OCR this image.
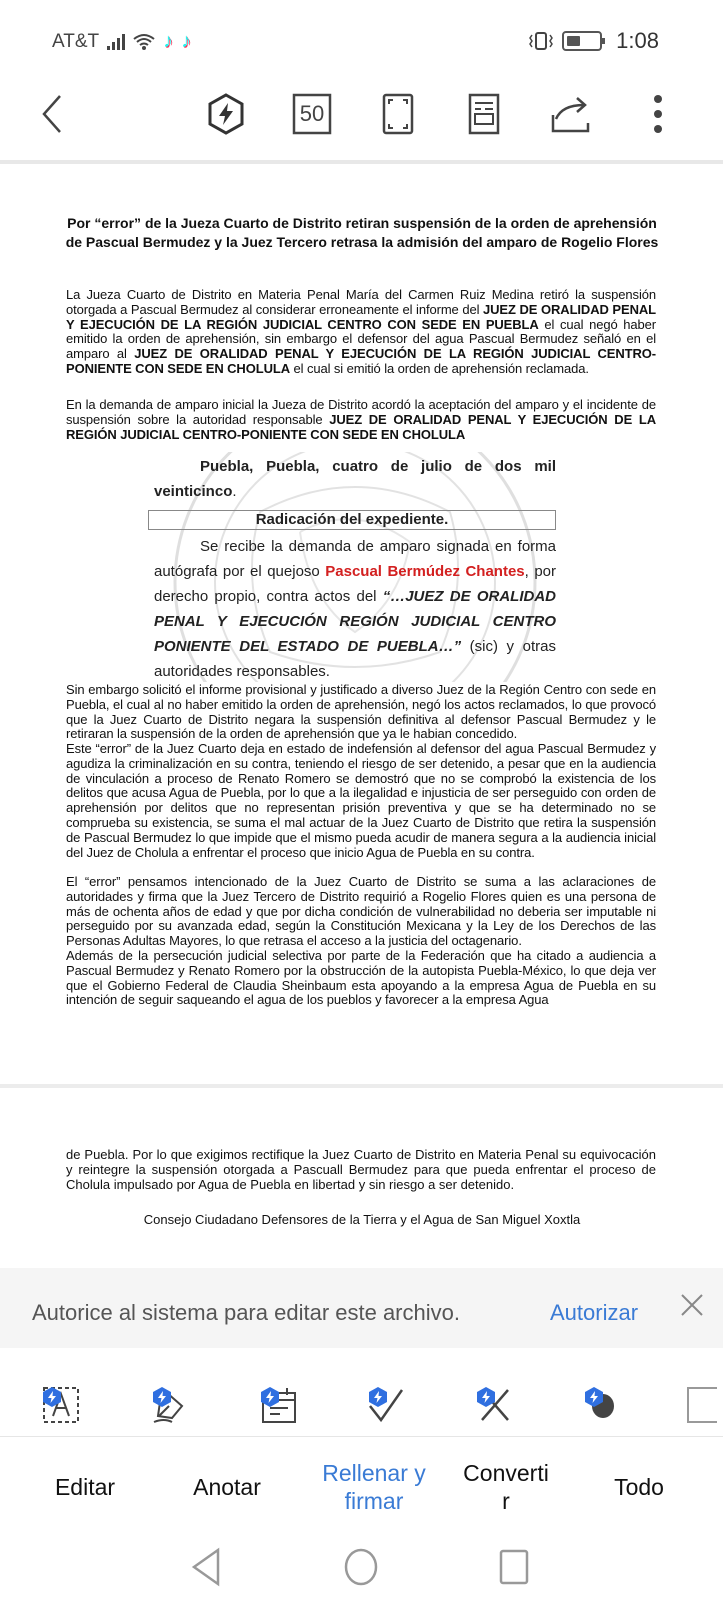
AT&T	♪ ♪	1:08
50
Por “error” de la Jueza Cuarto de Distrito retiran suspensión de la orden de aprehensión de Pascual Bermudez y la Juez Tercero retrasa la admisión del amparo de Rogelio Flores
La Jueza Cuarto de Distrito en Materia Penal María del Carmen Ruiz Medina retiró la suspensión otorgada a Pascual Bermudez al considerar erroneamente el informe del JUEZ DE ORALIDAD PENAL Y EJECUCIÓN DE LA REGIÓN JUDICIAL CENTRO CON SEDE EN PUEBLA el cual negó haber emitido la orden de aprehensión, sin embargo el defensor del agua Pascual Bermudez señaló en el amparo al JUEZ DE ORALIDAD PENAL Y EJECUCIÓN DE LA REGIÓN JUDICIAL CENTRO-PONIENTE CON SEDE EN CHOLULA el cual si emitió la orden de aprehensión reclamada.
En la demanda de amparo inicial la Jueza de Distrito acordó la aceptación del amparo y el incidente de suspensión sobre la autoridad responsable JUEZ DE ORALIDAD PENAL Y EJECUCIÓN DE LA REGIÓN JUDICIAL CENTRO-PONIENTE CON SEDE EN CHOLULA
Puebla, Puebla, cuatro de julio de dos mil veinticinco.
Radicación del expediente.
Se recibe la demanda de amparo signada en forma autógrafa por el quejoso Pascual Bermúdez Chantes, por derecho propio, contra actos del “…JUEZ DE ORALIDAD PENAL Y EJECUCIÓN REGIÓN JUDICIAL CENTRO PONIENTE DEL ESTADO DE PUEBLA…” (sic) y otras autoridades responsables.
Sin embargo solicitó el informe provisional y justificado a diverso Juez de la Región Centro con sede en Puebla, el cual al no haber emitido la orden de aprehensión, negó los actos reclamados, lo que provocó que la Juez Cuarto de Distrito negara la suspensión definitiva al defensor Pascual Bermudez y le retiraran la suspensión de la orden de aprehensión que ya le habian concedido.
Este “error” de la Juez Cuarto deja en estado de indefensión al defensor del agua Pascual Bermudez y agudiza la criminalización en su contra, teniendo el riesgo de ser detenido, a pesar que en la audiencia de vinculación a proceso de Renato Romero se demostró que no se comprobó la existencia de los delitos que acusa Agua de Puebla, por lo que a la ilegalidad e injusticia de ser perseguido con orden de aprehensión por delitos que no representan prisión preventiva y que se ha determinado no se comprueba su existencia, se suma el mal actuar de la Juez Cuarto de Distrito que retira la suspensión de Pascual Bermudez lo que impide que el mismo pueda acudir de manera segura a la audiencia inicial del Juez de Cholula a enfrentar el proceso que inicio Agua de Puebla en su contra.
El “error” pensamos intencionado de la Juez Cuarto de Distrito se suma a las aclaraciones de autoridades y firma que la Juez Tercero de Distrito requirió a Rogelio Flores quien es una persona de más de ochenta años de edad y que por dicha condición de vulnerabilidad no deberia ser imputable ni perseguido por su avanzada edad, según la Constitución Mexicana y la Ley de los Derechos de las Personas Adultas Mayores, lo que retrasa el acceso a la justicia del octagenario.
Además de la persecución judicial selectiva por parte de la Federación que ha citado a audiencia a Pascual Bermudez y Renato Romero por la obstrucción de la autopista Puebla-México, lo que deja ver que el Gobierno Federal de Claudia Sheinbaum esta apoyando a la empresa Agua de Puebla en su intención de seguir saqueando el agua de los pueblos y favorecer a la empresa Agua
de Puebla. Por lo que exigimos rectifique la Juez Cuarto de Distrito en Materia Penal su equivocación y reintegre la suspensión otorgada a Pascuall Bermudez para que pueda enfrentar el proceso de Cholula impulsado por Agua de Puebla en libertad y sin riesgo a ser detenido.
Consejo Ciudadano Defensores de la Tierra y el Agua de San Miguel Xoxtla
Autorice al sistema para editar este archivo.	Autorizar
Editar	Anotar
Rellenar y
firmar
Converti
r
Todo
